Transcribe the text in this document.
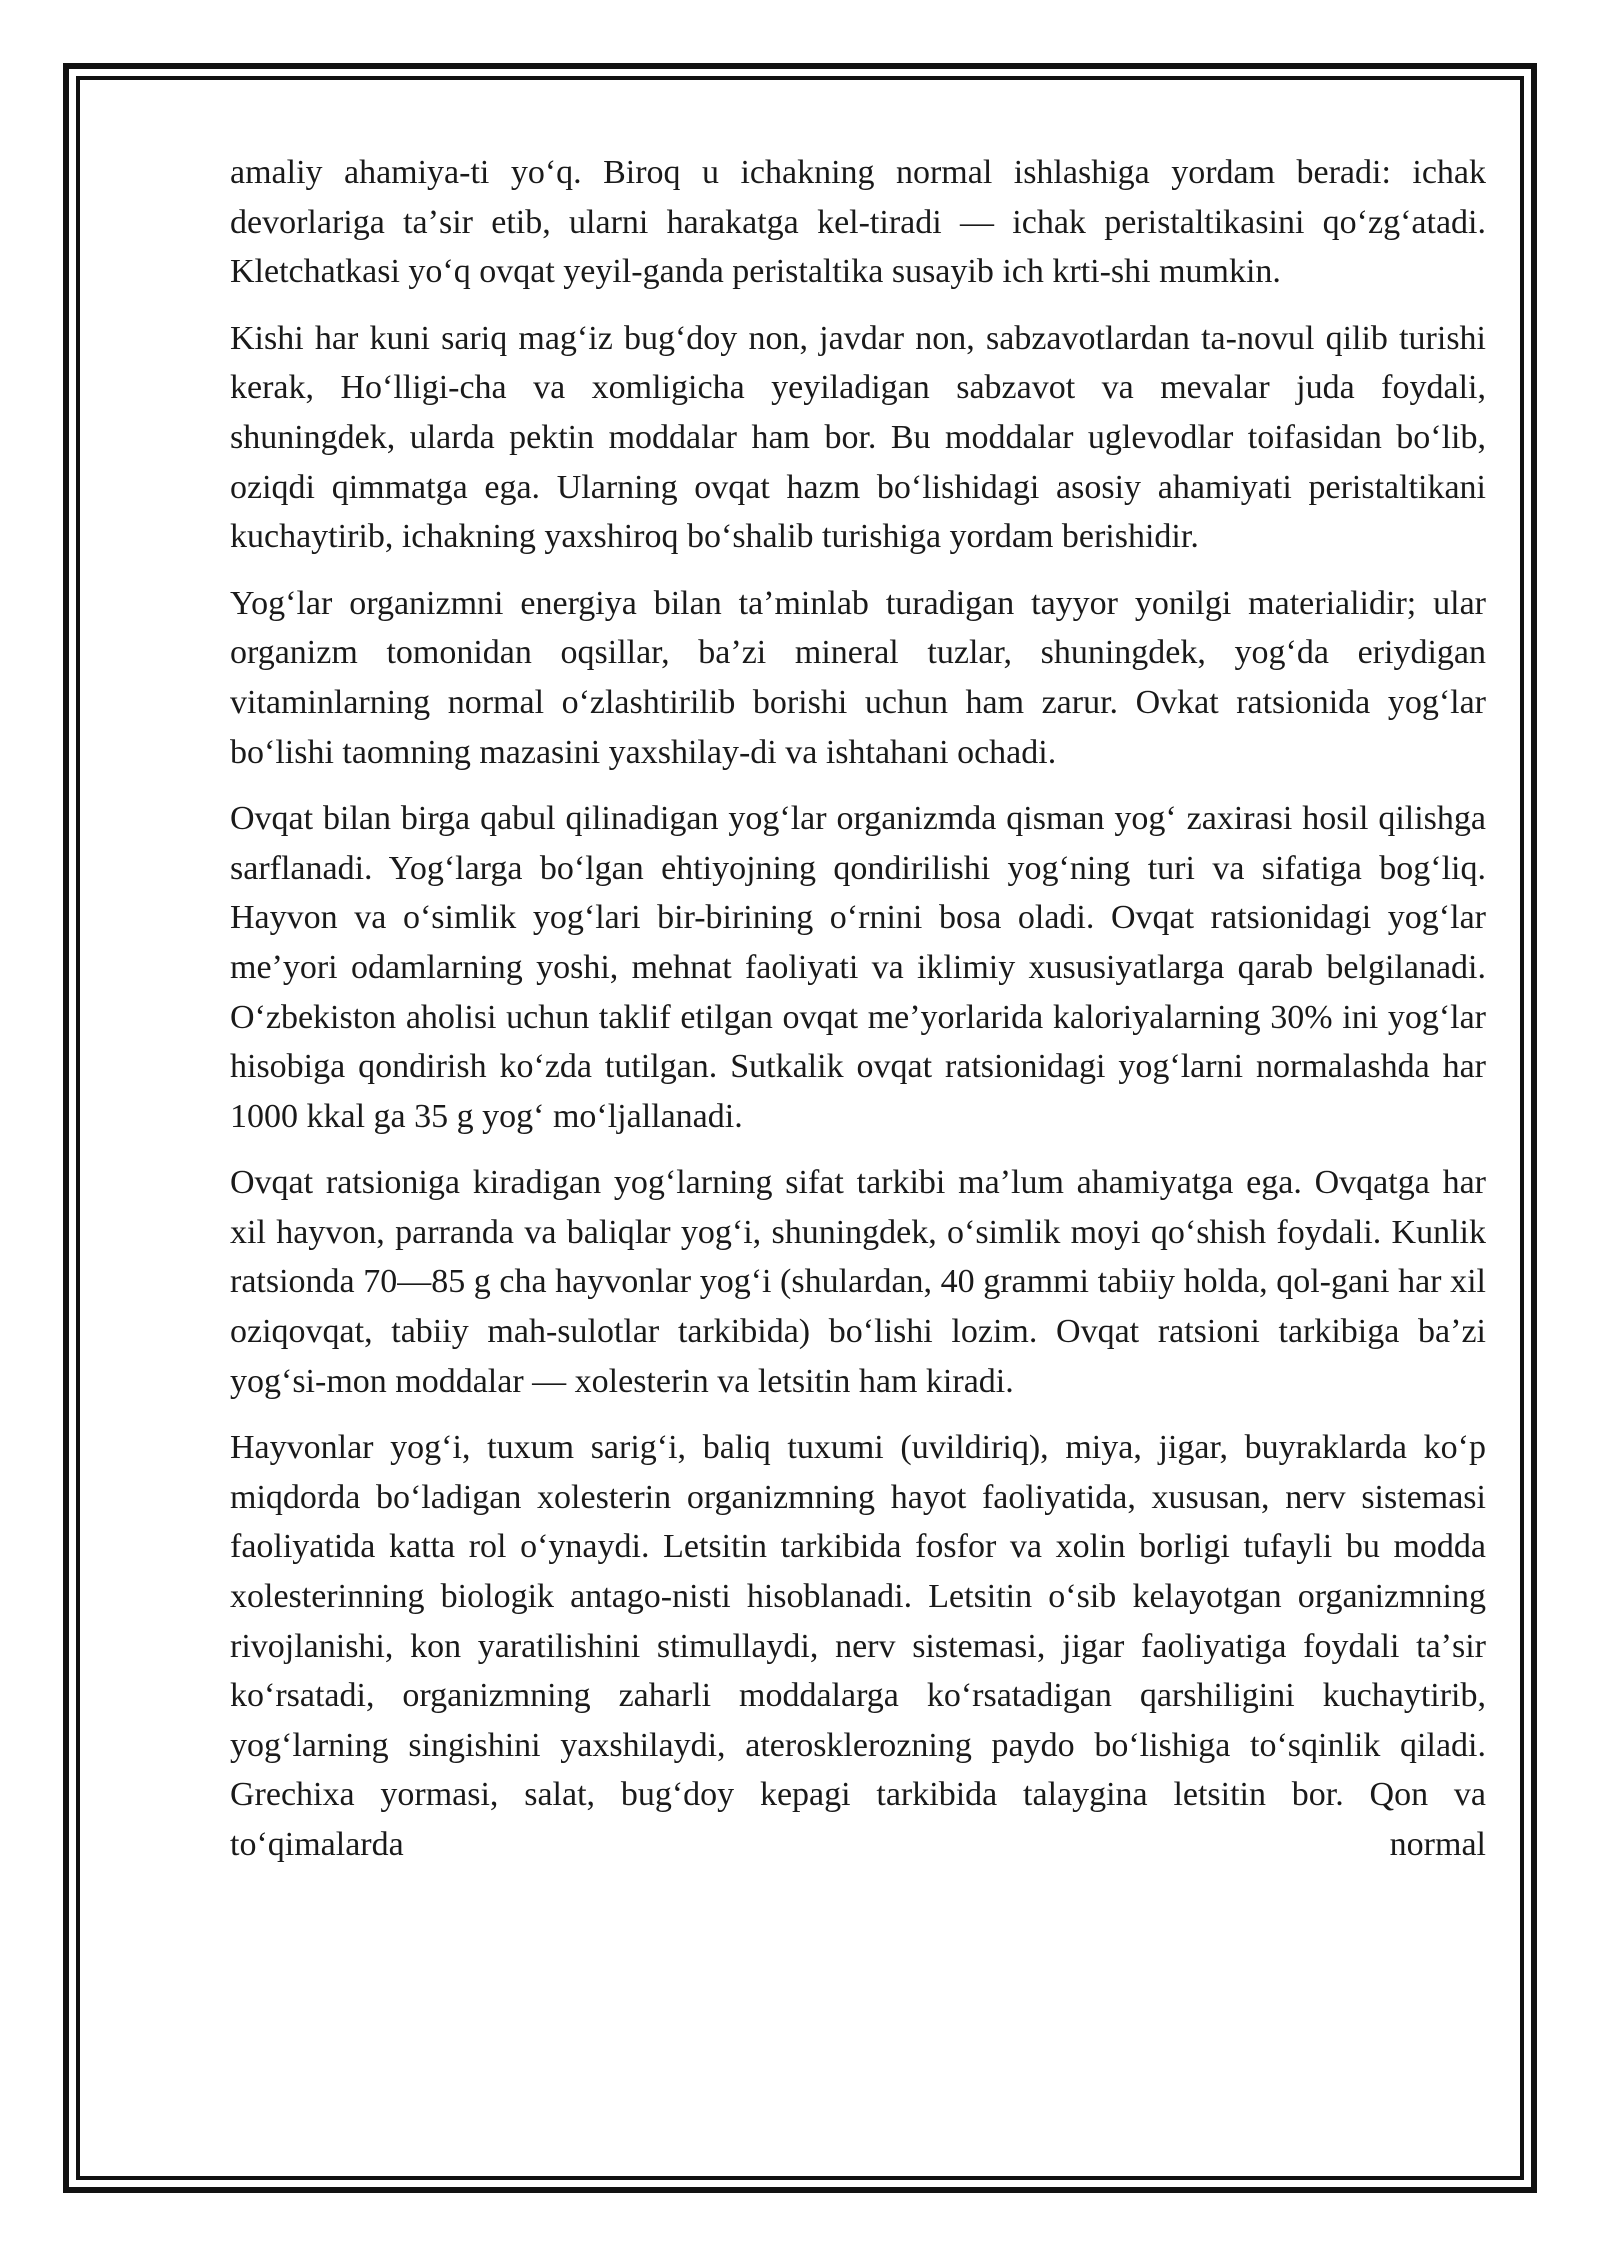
amaliy ahamiya-ti yoʻq. Biroq u ichakning normal ishlashiga yordam beradi: ichak devorlariga taʼsir etib, ularni harakatga kel-tiradi — ichak peristaltikasini qoʻzgʻatadi. Kletchatkasi yoʻq ovqat yeyil-ganda peristaltika susayib ich krti-shi mumkin.

Kishi har kuni sariq magʻiz bugʻdoy non, javdar non, sabzavotlardan ta-novul qilib turishi kerak, Hoʻlligi-cha va xomligicha yeyiladigan sabzavot va mevalar juda foydali, shuningdek, ularda pektin moddalar ham bor. Bu moddalar uglevodlar toifasidan boʻlib, oziqdi qimmatga ega. Ularning ovqat hazm boʻlishidagi asosiy ahamiyati peristaltikani kuchaytirib, ichakning yaxshiroq boʻshalib turishiga yordam berishidir.

Yogʻlar organizmni energiya bilan taʼminlab turadigan tayyor yonilgi materialidir; ular organizm tomonidan oqsillar, baʼzi mineral tuzlar, shuningdek, yogʻda eriydigan vitaminlarning normal oʻzlashtirilib borishi uchun ham zarur. Ovkat ratsionida yogʻlar boʻlishi taomning mazasini yaxshilay-di va ishtahani ochadi.

Ovqat bilan birga qabul qilinadigan yogʻlar organizmda qisman yogʻ zaxirasi hosil qilishga sarflanadi. Yogʻlarga boʻlgan ehtiyojning qondirilishi yogʻning turi va sifatiga bogʻliq. Hayvon va oʻsimlik yogʻlari bir-birining oʻrnini bosa oladi. Ovqat ratsionidagi yogʻlar meʼyori odamlarning yoshi, mehnat faoliyati va iklimiy xususiyatlarga qarab belgilanadi. Oʻzbekiston aholisi uchun taklif etilgan ovqat meʼyorlarida kaloriyalarning 30% ini yogʻlar hisobiga qondirish koʻzda tutilgan. Sutkalik ovqat ratsionidagi yogʻlarni normalashda har 1000 kkal ga 35 g yogʻ moʻljallanadi.

Ovqat ratsioniga kiradigan yogʻlarning sifat tarkibi maʼlum ahamiyatga ega. Ovqatga har xil hayvon, parranda va baliqlar yogʻi, shuningdek, oʻsimlik moyi qoʻshish foydali. Kunlik ratsionda 70—85 g cha hayvonlar yogʻi (shulardan, 40 grammi tabiiy holda, qol-gani har xil oziqovqat, tabiiy mah-sulotlar tarkibida) boʻlishi lozim. Ovqat ratsioni tarkibiga baʼzi yogʻsi-mon moddalar — xolesterin va letsitin ham kiradi.

Hayvonlar yogʻi, tuxum sarigʻi, baliq tuxumi (uvildiriq), miya, jigar, buyraklarda koʻp miqdorda boʻladigan xolesterin organizmning hayot faoliyatida, xususan, nerv sistemasi faoliyatida katta rol oʻynaydi. Letsitin tarkibida fosfor va xolin borligi tufayli bu modda xolesterinning biologik antago-nisti hisoblanadi. Letsitin oʻsib kelayotgan organizmning rivojlanishi, kon yaratilishini stimullaydi, nerv sistemasi, jigar faoliyatiga foydali taʼsir koʻrsatadi, organizmning zaharli moddalarga koʻrsatadigan qarshiligini kuchaytirib, yogʻlarning singishini yaxshilaydi, aterosklerozning paydo boʻlishiga toʻsqinlik qiladi. Grechixa yormasi, salat, bugʻdoy kepagi tarkibida talaygina letsitin bor. Qon va toʻqimalarda normal
